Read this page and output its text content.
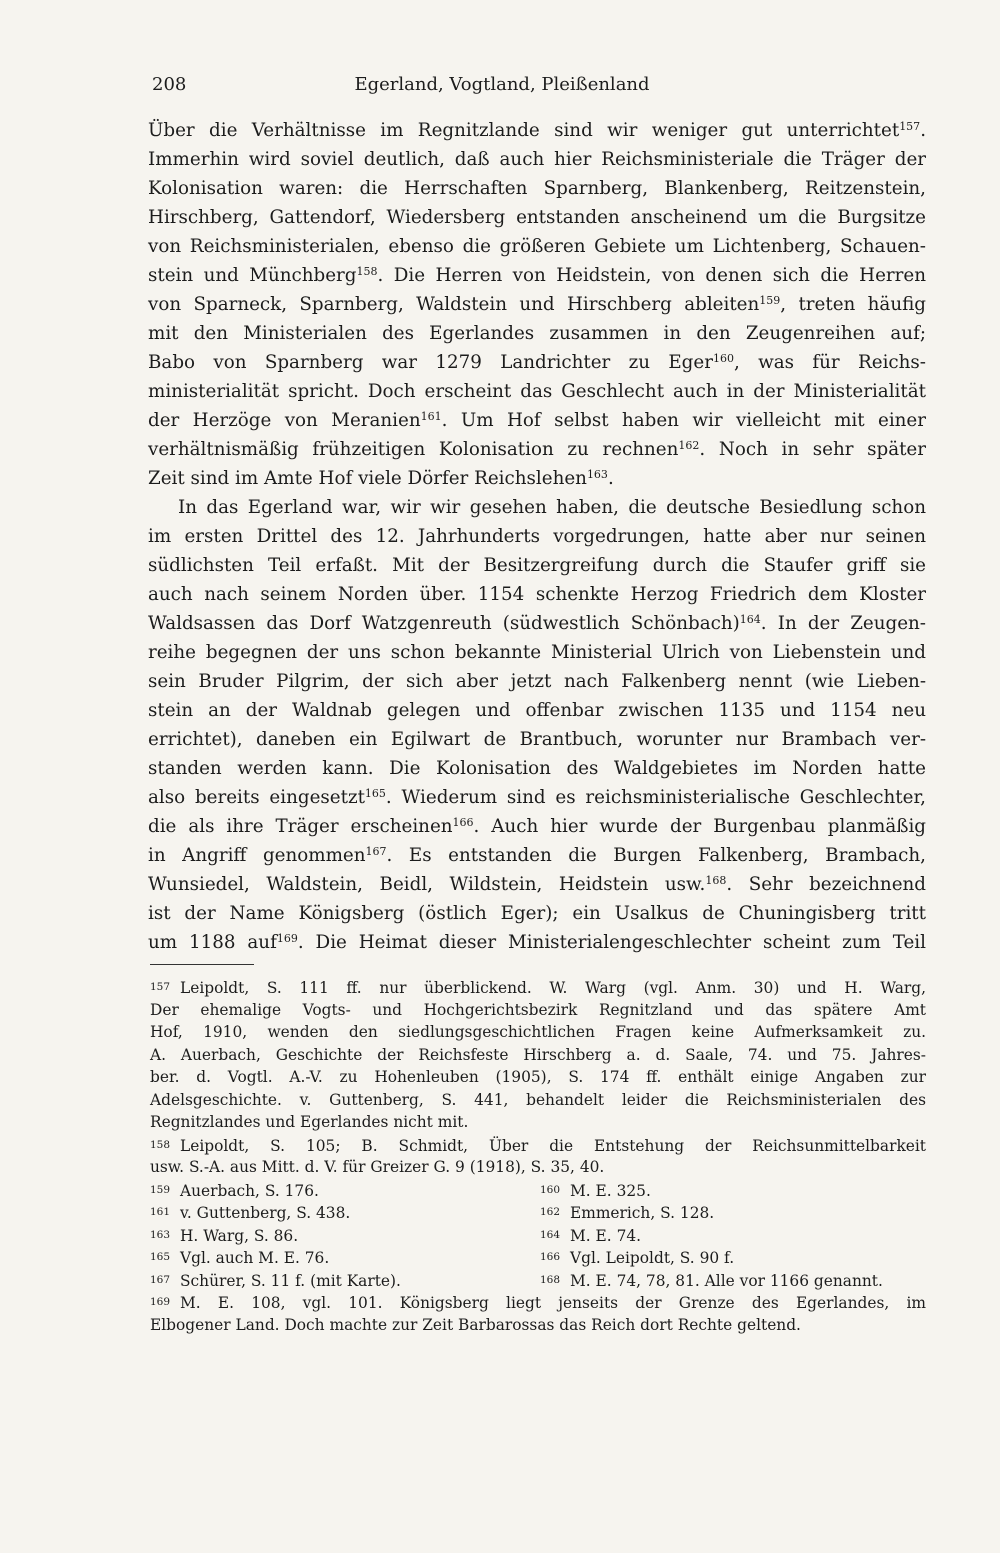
208	Egerland, Vogtland, Pleißenland
Über die Verhältnisse im Regnitzlande sind wir weniger gut unterrichtet$^{157}$.
Immerhin wird soviel deutlich, daß auch hier Reichsministeriale die Träger der
Kolonisation waren: die Herrschaften Sparnberg, Blankenberg, Reitzenstein,
Hirschberg, Gattendorf, Wiedersberg entstanden anscheinend um die Burgsitze
von Reichsministerialen, ebenso die größeren Gebiete um Lichtenberg, Schauen-
stein und Münchberg$^{158}$. Die Herren von Heidstein, von denen sich die Herren
von Sparneck, Sparnberg, Waldstein und Hirschberg ableiten$^{159}$, treten häufig
mit den Ministerialen des Egerlandes zusammen in den Zeugenreihen auf;
Babo von Sparnberg war 1279 Landrichter zu Eger$^{160}$, was für Reichs-
ministerialität spricht. Doch erscheint das Geschlecht auch in der Ministerialität
der Herzöge von Meranien$^{161}$. Um Hof selbst haben wir vielleicht mit einer
verhältnismäßig frühzeitigen Kolonisation zu rechnen$^{162}$. Noch in sehr später
Zeit sind im Amte Hof viele Dörfer Reichslehen$^{163}$.
In das Egerland war, wir wir gesehen haben, die deutsche Besiedlung schon
im ersten Drittel des 12. Jahrhunderts vorgedrungen, hatte aber nur seinen
südlichsten Teil erfaßt. Mit der Besitzergreifung durch die Staufer griff sie
auch nach seinem Norden über. 1154 schenkte Herzog Friedrich dem Kloster
Waldsassen das Dorf Watzgenreuth (südwestlich Schönbach)$^{164}$. In der Zeugen-
reihe begegnen der uns schon bekannte Ministerial Ulrich von Liebenstein und
sein Bruder Pilgrim, der sich aber jetzt nach Falkenberg nennt (wie Lieben-
stein an der Waldnab gelegen und offenbar zwischen 1135 und 1154 neu
errichtet), daneben ein Egilwart de Brantbuch, worunter nur Brambach ver-
standen werden kann. Die Kolonisation des Waldgebietes im Norden hatte
also bereits eingesetzt$^{165}$. Wiederum sind es reichsministerialische Geschlechter,
die als ihre Träger erscheinen$^{166}$. Auch hier wurde der Burgenbau planmäßig
in Angriff genommen$^{167}$. Es entstanden die Burgen Falkenberg, Brambach,
Wunsiedel, Waldstein, Beidl, Wildstein, Heidstein usw.$^{168}$. Sehr bezeichnend
ist der Name Königsberg (östlich Eger); ein Usalkus de Chuningisberg tritt
um 1188 auf$^{169}$. Die Heimat dieser Ministerialengeschlechter scheint zum Teil
157 Leipoldt, S. 111 ff. nur überblickend. W. Warg (vgl. Anm. 30) und H. Warg,
Der ehemalige Vogts- und Hochgerichtsbezirk Regnitzland und das spätere Amt
Hof, 1910, wenden den siedlungsgeschichtlichen Fragen keine Aufmerksamkeit zu.
A. Auerbach, Geschichte der Reichsfeste Hirschberg a. d. Saale, 74. und 75. Jahres-
ber. d. Vogtl. A.-V. zu Hohenleuben (1905), S. 174 ff. enthält einige Angaben zur
Adelsgeschichte. v. Guttenberg, S. 441, behandelt leider die Reichsministerialen des
Regnitzlandes und Egerlandes nicht mit.
158 Leipoldt, S. 105; B. Schmidt, Über die Entstehung der Reichsunmittelbarkeit
usw. S.-A. aus Mitt. d. V. für Greizer G. 9 (1918), S. 35, 40.
159 Auerbach, S. 176.	160 M. E. 325.
161 v. Guttenberg, S. 438.	162 Emmerich, S. 128.
163 H. Warg, S. 86.	164 M. E. 74.
165 Vgl. auch M. E. 76.	166 Vgl. Leipoldt, S. 90 f.
167 Schürer, S. 11 f. (mit Karte).	168 M. E. 74, 78, 81. Alle vor 1166 genannt.
169 M. E. 108, vgl. 101. Königsberg liegt jenseits der Grenze des Egerlandes, im
Elbogener Land. Doch machte zur Zeit Barbarossas das Reich dort Rechte geltend.
